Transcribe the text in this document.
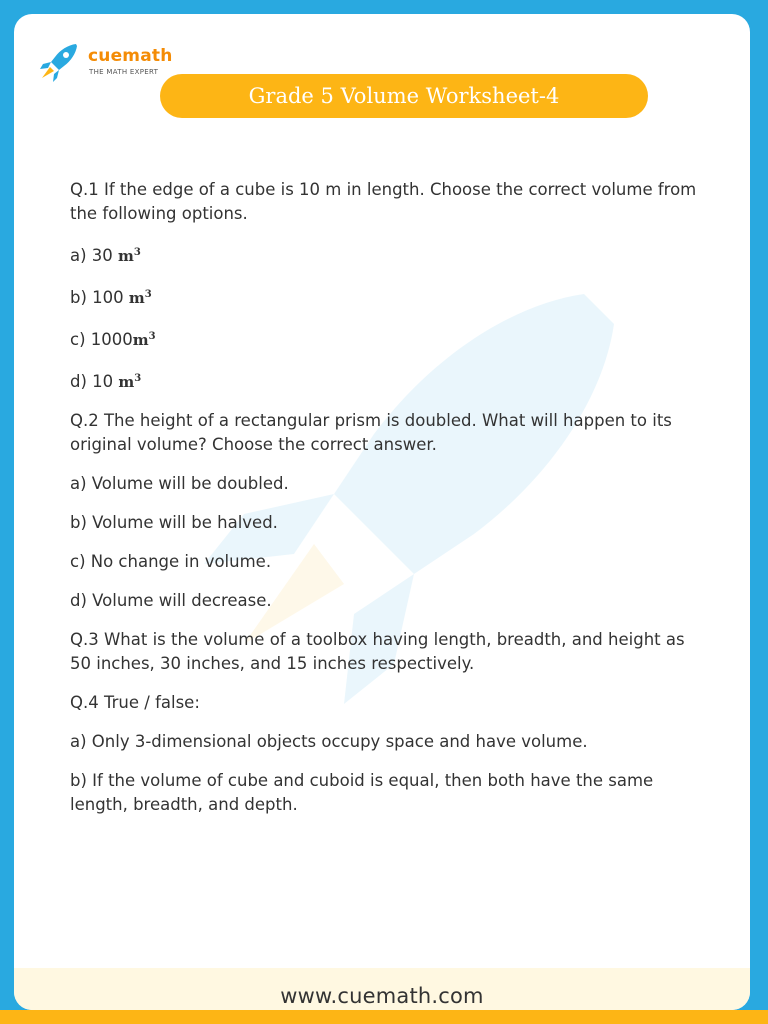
cuemath
THE MATH EXPERT
Grade 5 Volume Worksheet-4

Q.1 If the edge of a cube is 10 m in length. Choose the correct volume from the following options.

a) 30 $m^3$

b) 100 $m^3$

c) $1000m^3$

d) 10 $m^3$

Q.2 The height of a rectangular prism is doubled. What will happen to its original volume? Choose the correct answer.

a) Volume will be doubled.

b) Volume will be halved.

c) No change in volume.

d) Volume will decrease.

Q.3 What is the volume of a toolbox having length, breadth, and height as 50 inches, 30 inches, and 15 inches respectively.

Q.4 True / false:

a) Only 3-dimensional objects occupy space and have volume.

b) If the volume of cube and cuboid is equal, then both have the same length, breadth, and depth.

www.cuemath.com
